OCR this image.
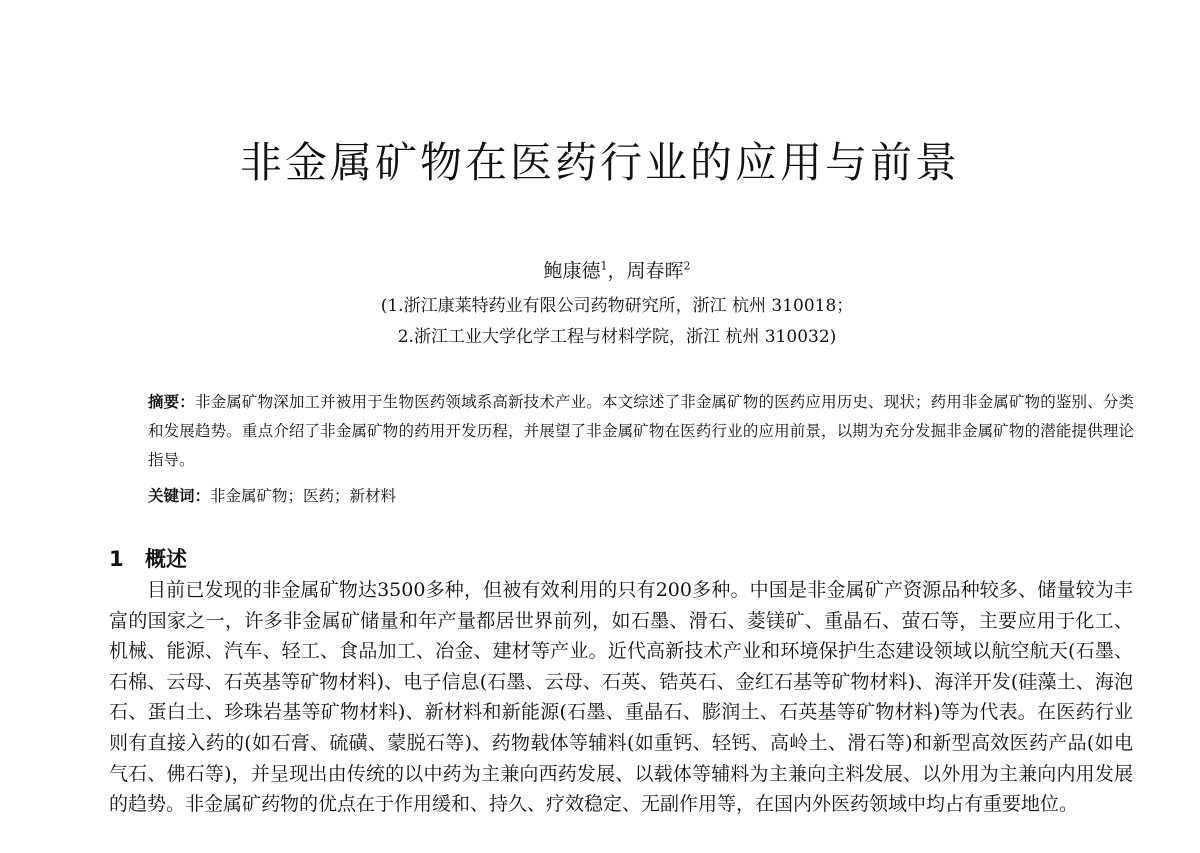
非金属矿物在医药行业的应用与前景
鲍康德$^1$，周春晖$^2$
(1.浙江康莱特药业有限公司药物研究所，浙江 杭州 310018；
2.浙江工业大学化学工程与材料学院，浙江 杭州 310032)
摘要：非金属矿物深加工并被用于生物医药领域系高新技术产业。本文综述了非金属矿物的医药应用历史、现状；药用非金属矿物的鉴别、分类和发展趋势。重点介绍了非金属矿物的药用开发历程，并展望了非金属矿物在医药行业的应用前景，以期为充分发掘非金属矿物的潜能提供理论指导。
关键词：非金属矿物；医药；新材料
1 概述

目前已发现的非金属矿物达3500多种，但被有效利用的只有200多种。中国是非金属矿产资源品种较多、储量较为丰富的国家之一，许多非金属矿储量和年产量都居世界前列，如石墨、滑石、菱镁矿、重晶石、萤石等，主要应用于化工、机械、能源、汽车、轻工、食品加工、冶金、建材等产业。近代高新技术产业和环境保护生态建设领域以航空航天(石墨、石棉、云母、石英基等矿物材料)、电子信息(石墨、云母、石英、锆英石、金红石基等矿物材料)、海洋开发(硅藻土、海泡石、蛋白土、珍珠岩基等矿物材料)、新材料和新能源(石墨、重晶石、膨润土、石英基等矿物材料)等为代表。在医药行业则有直接入药的(如石膏、硫磺、蒙脱石等)、药物载体等辅料(如重钙、轻钙、高岭土、滑石等)和新型高效医药产品(如电气石、佛石等)，并呈现出由传统的以中药为主兼向西药发展、以载体等辅料为主兼向主料发展、以外用为主兼向内用发展的趋势。非金属矿药物的优点在于作用缓和、持久、疗效稳定、无副作用等，在国内外医药领域中均占有重要地位。
